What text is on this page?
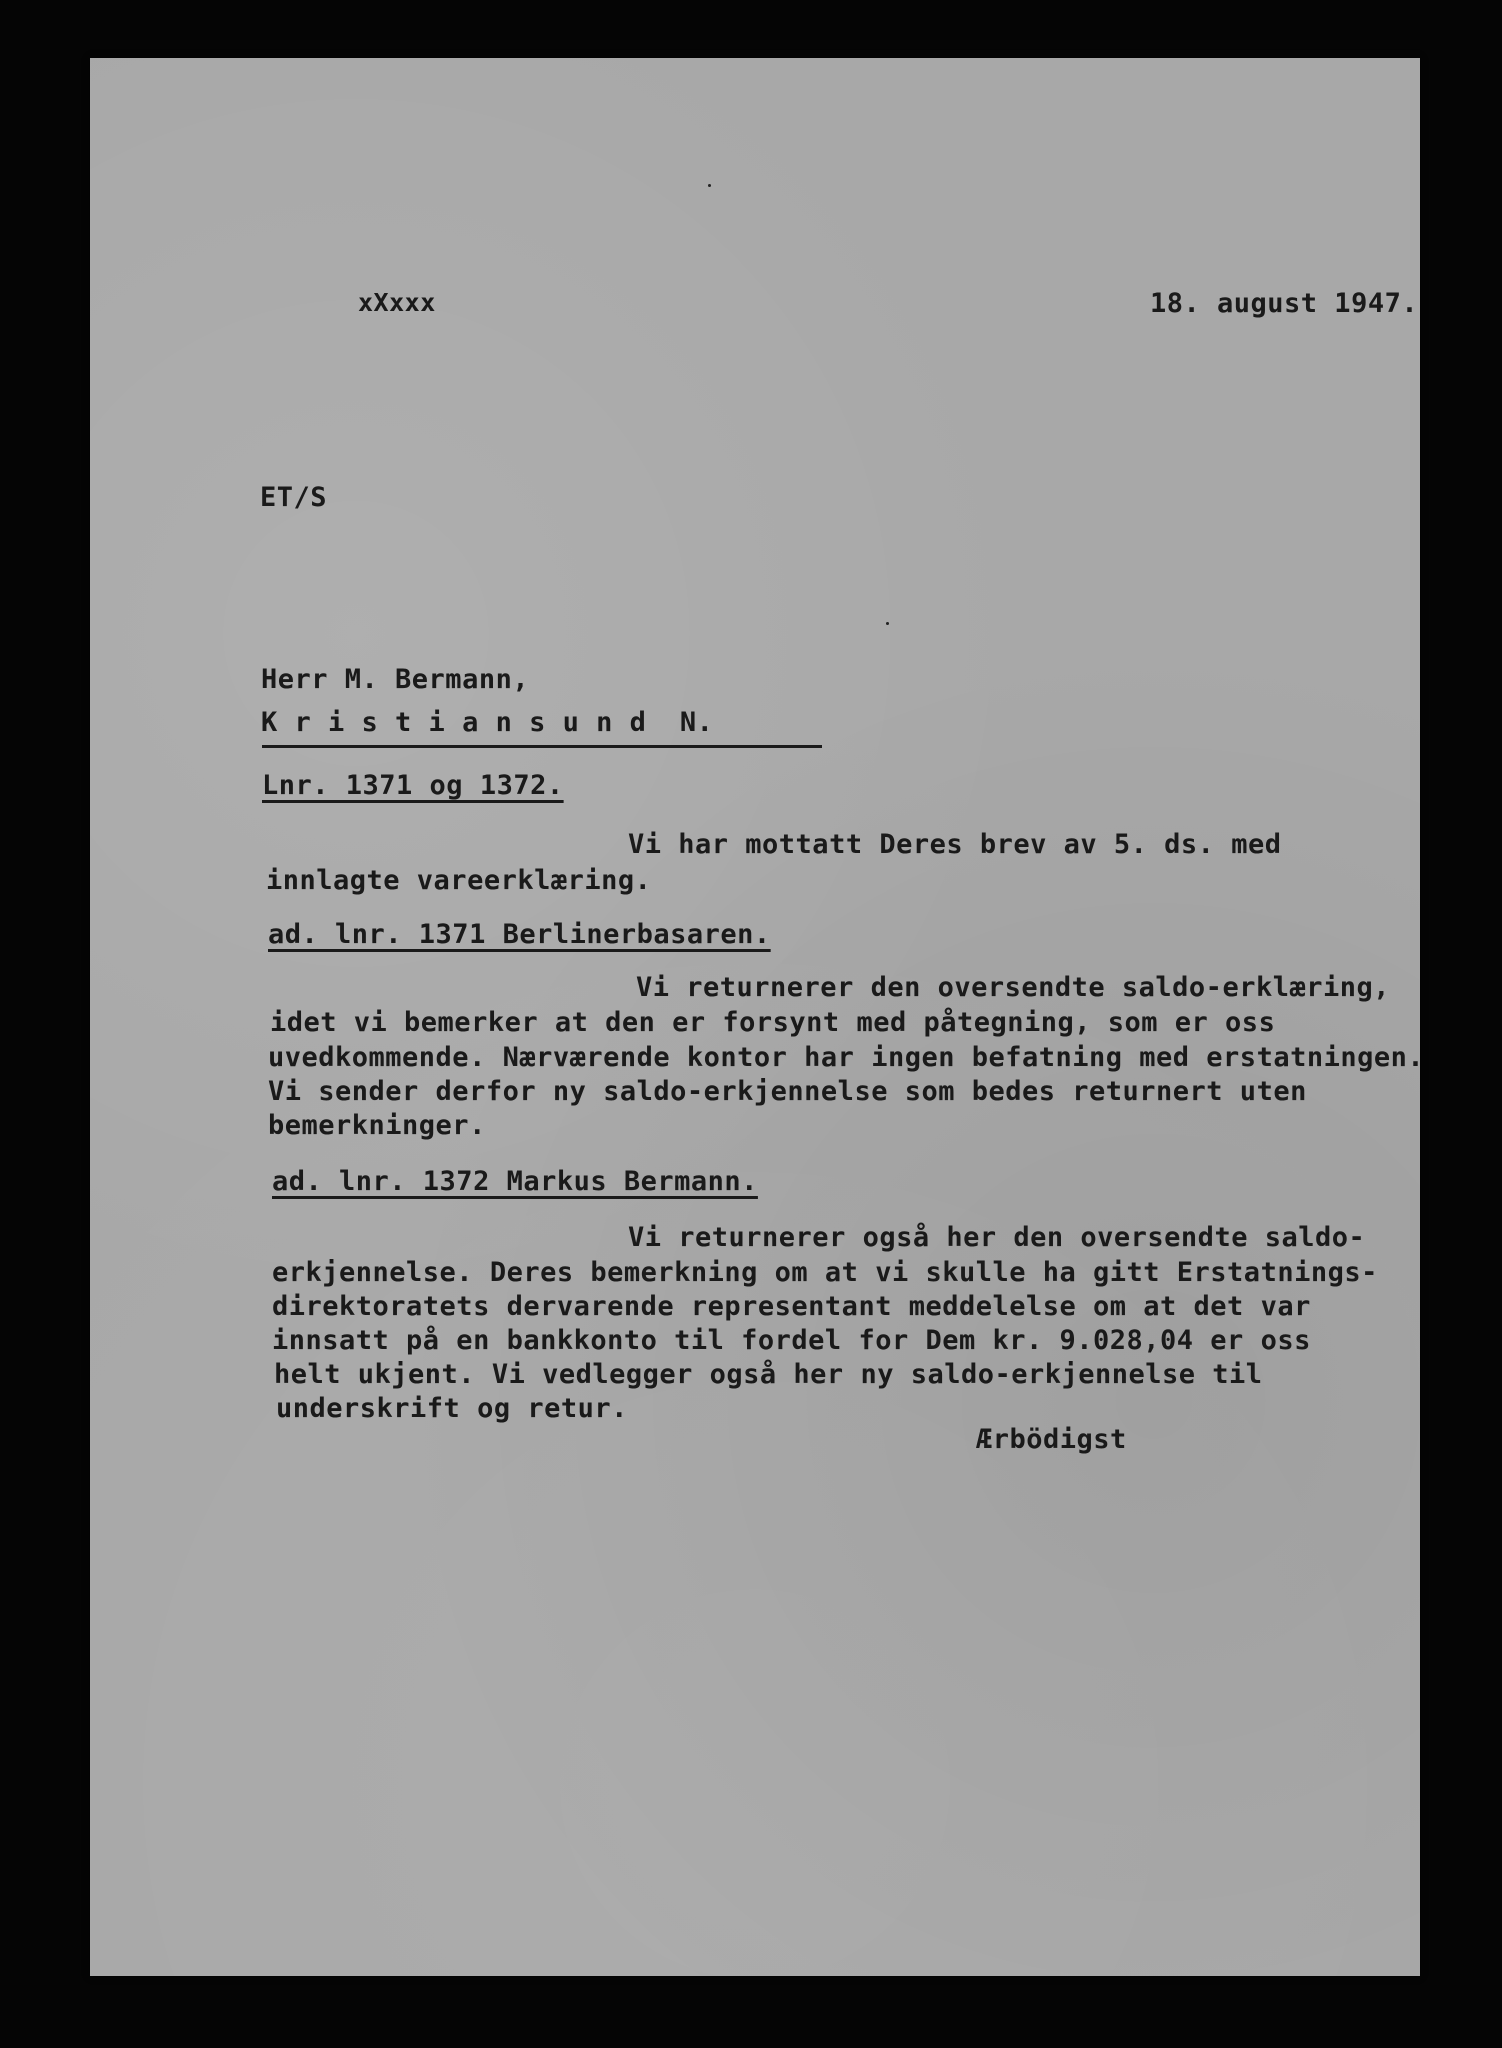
xXxxx	18. august 1947.
ET/S
Herr M. Bermann,
K r i s t i a n s u n d  N.
Lnr. 1371 og 1372.
Vi har mottatt Deres brev av 5. ds. med
innlagte vareerklæring.
ad. lnr. 1371 Berlinerbasaren.
Vi returnerer den oversendte saldo-erklæring,
idet vi bemerker at den er forsynt med påtegning, som er oss
uvedkommende. Nærværende kontor har ingen befatning med erstatningen.
Vi sender derfor ny saldo-erkjennelse som bedes returnert uten
bemerkninger.
ad. lnr. 1372 Markus Bermann.
Vi returnerer også her den oversendte saldo-
erkjennelse. Deres bemerkning om at vi skulle ha gitt Erstatnings-
direktoratets dervarende representant meddelelse om at det var
innsatt på en bankkonto til fordel for Dem kr. 9.028,04 er oss
helt ukjent. Vi vedlegger også her ny saldo-erkjennelse til
underskrift og retur.
Ærbödigst
